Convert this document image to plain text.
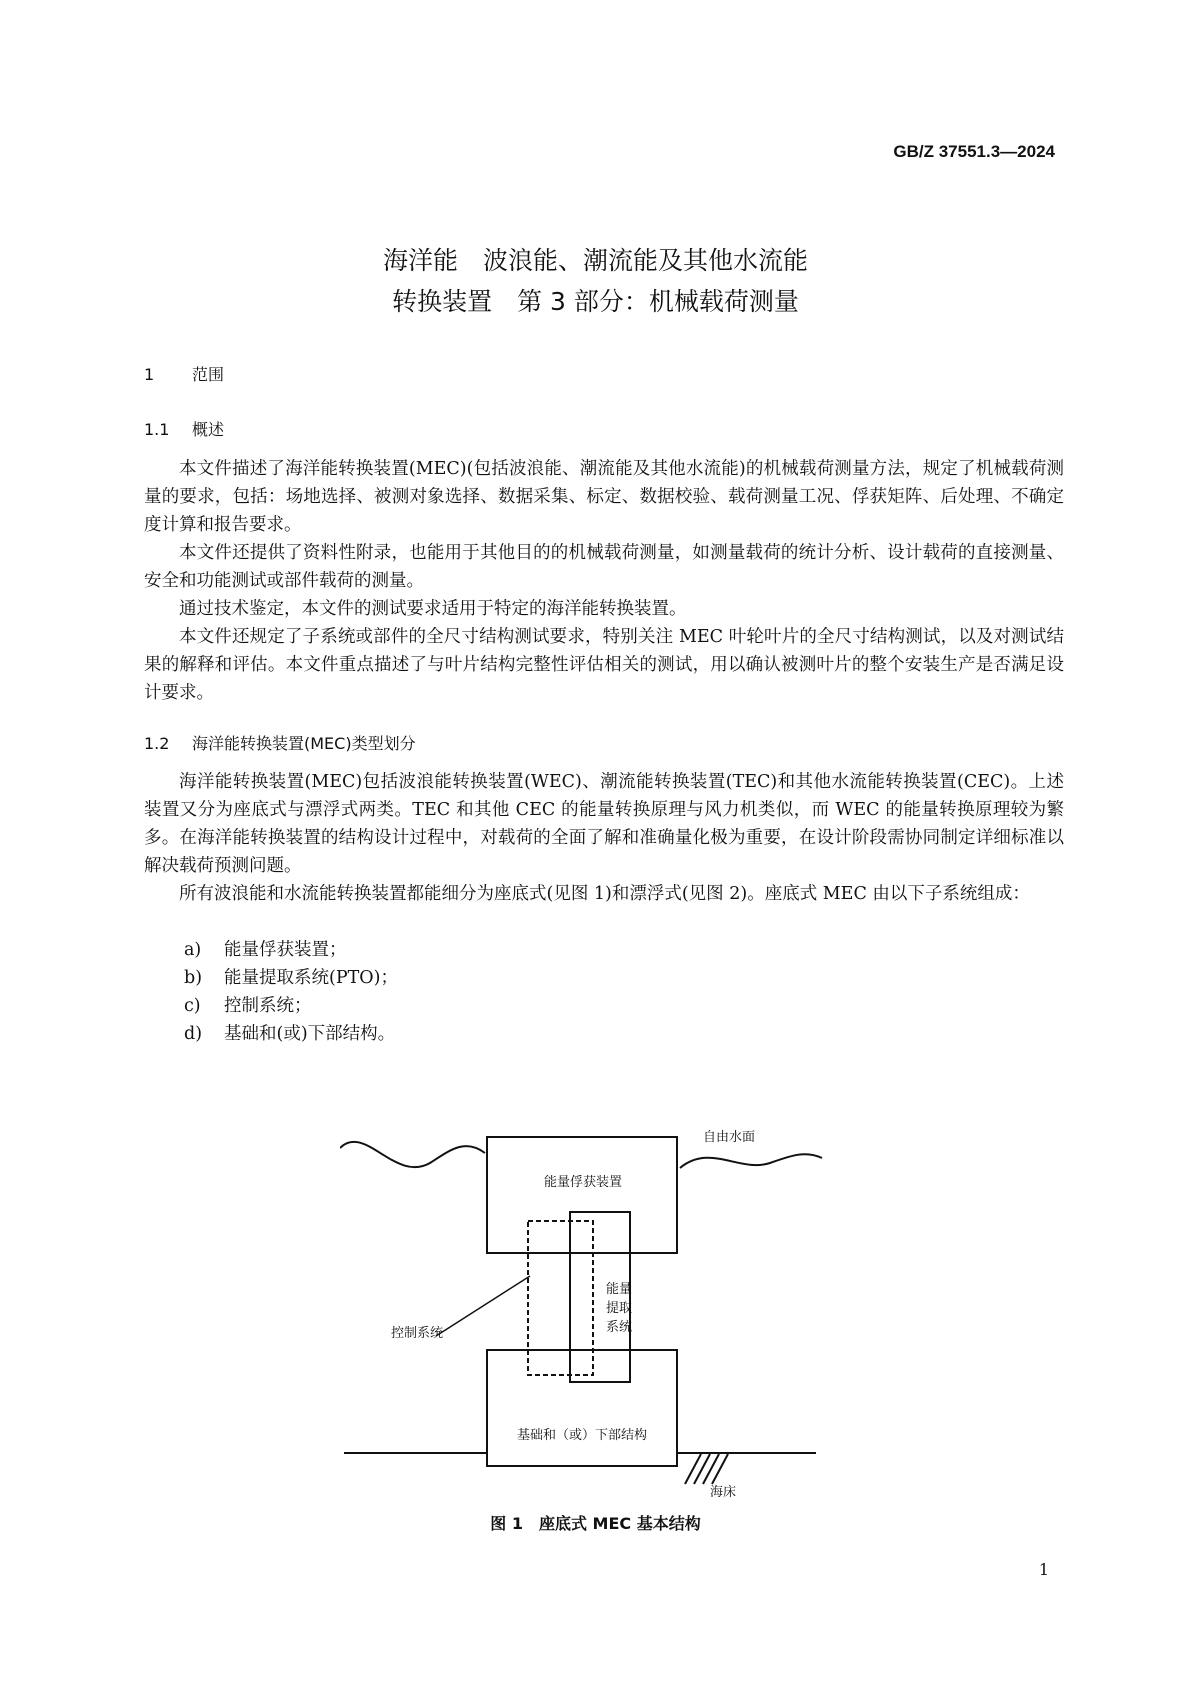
GB/Z 37551.3—2024
海洋能　波浪能、潮流能及其他水流能
转换装置　第 3 部分：机械载荷测量
1 范围
1.1 概述

本文件描述了海洋能转换装置(MEC)(包括波浪能、潮流能及其他水流能)的机械载荷测量方法，规定了机械载荷测量的要求，包括：场地选择、被测对象选择、数据采集、标定、数据校验、载荷测量工况、俘获矩阵、后处理、不确定度计算和报告要求。

本文件还提供了资料性附录，也能用于其他目的的机械载荷测量，如测量载荷的统计分析、设计载荷的直接测量、安全和功能测试或部件载荷的测量。

通过技术鉴定，本文件的测试要求适用于特定的海洋能转换装置。

本文件还规定了子系统或部件的全尺寸结构测试要求，特别关注 MEC 叶轮叶片的全尺寸结构测试，以及对测试结果的解释和评估。本文件重点描述了与叶片结构完整性评估相关的测试，用以确认被测叶片的整个安装生产是否满足设计要求。

1.2 海洋能转换装置(MEC)类型划分

海洋能转换装置(MEC)包括波浪能转换装置(WEC)、潮流能转换装置(TEC)和其他水流能转换装置(CEC)。上述装置又分为座底式与漂浮式两类。TEC 和其他 CEC 的能量转换原理与风力机类似，而 WEC 的能量转换原理较为繁多。在海洋能转换装置的结构设计过程中，对载荷的全面了解和准确量化极为重要，在设计阶段需协同制定详细标准以解决载荷预测问题。

所有波浪能和水流能转换装置都能细分为座底式(见图 1)和漂浮式(见图 2)。座底式 MEC 由以下子系统组成：

a) 能量俘获装置；
b) 能量提取系统(PTO)；
c) 控制系统；
d) 基础和(或)下部结构。
自由水面
能量俘获装置
能量
提取
系统
控制系统
基础和（或）下部结构
海床
图 1　座底式 MEC 基本结构
1
